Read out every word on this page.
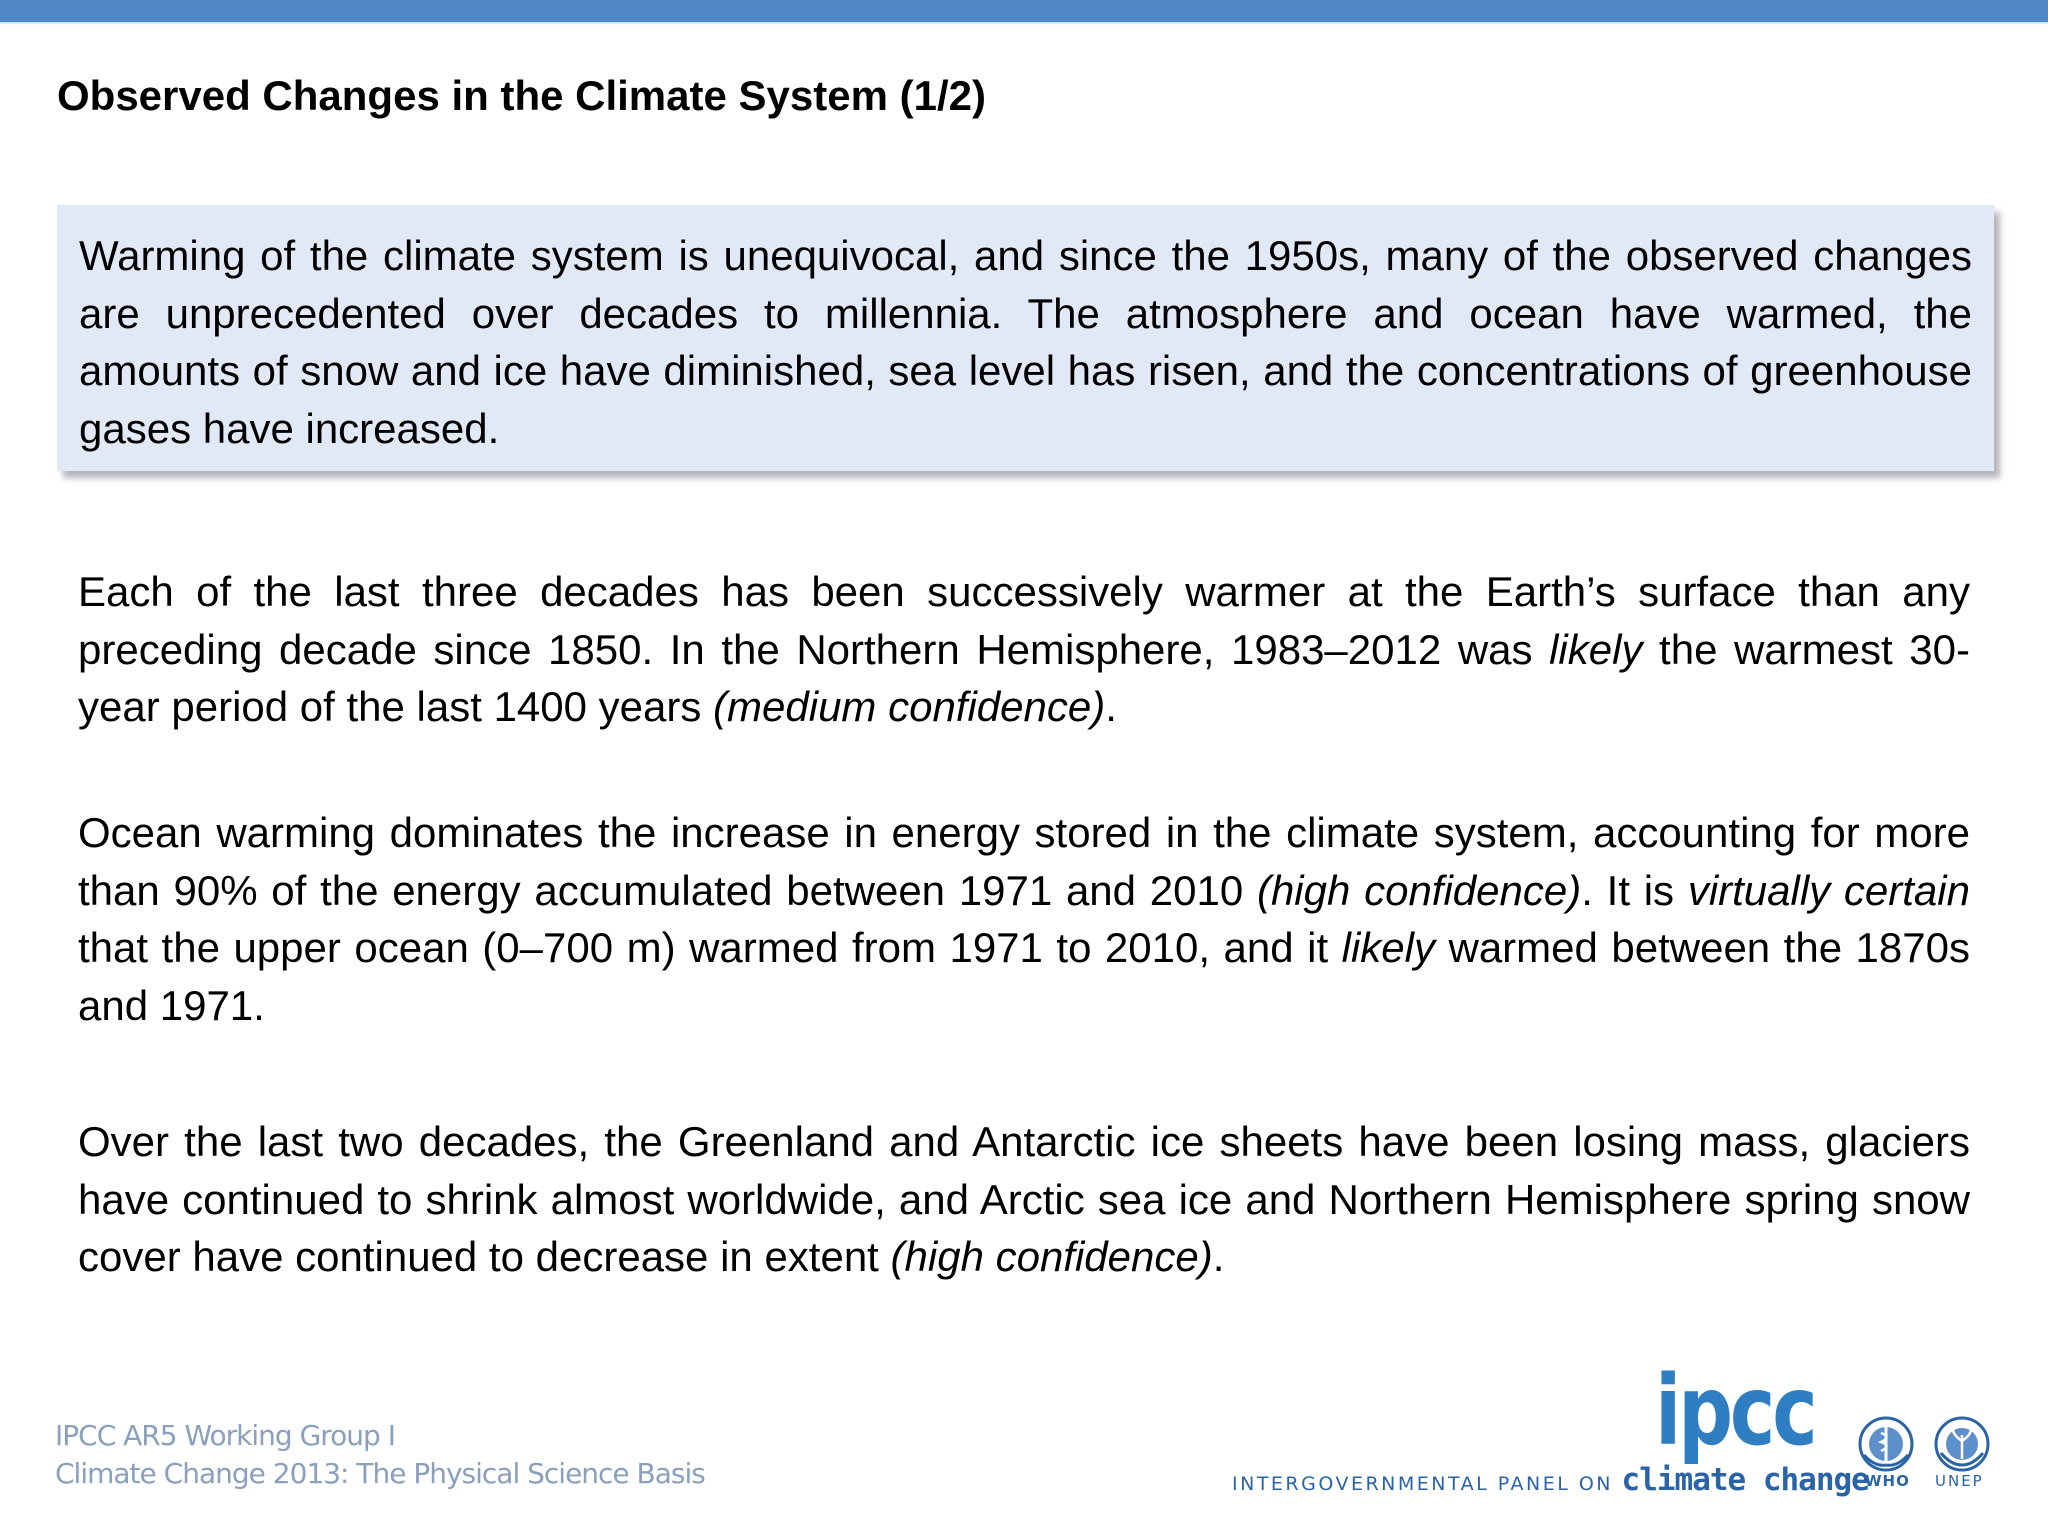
Observed Changes in the Climate System (1/2)

Warming of the climate system is unequivocal, and since the 1950s, many of the observed changes are unprecedented over decades to millennia. The atmosphere and ocean have warmed, the amounts of snow and ice have diminished, sea level has risen, and the concentrations of greenhouse gases have increased.

Each of the last three decades has been successively warmer at the Earth’s surface than any preceding decade since 1850. In the Northern Hemisphere, 1983–2012 was likely the warmest 30-year period of the last 1400 years (medium confidence).

Ocean warming dominates the increase in energy stored in the climate system, accounting for more than 90% of the energy accumulated between 1971 and 2010 (high confidence). It is virtually certain that the upper ocean (0–700 m) warmed from 1971 to 2010, and it likely warmed between the 1870s and 1971.

Over the last two decades, the Greenland and Antarctic ice sheets have been losing mass, glaciers have continued to shrink almost worldwide, and Arctic sea ice and Northern Hemisphere spring snow cover have continued to decrease in extent (high confidence).

IPCC AR5 Working Group I
Climate Change 2013: The Physical Science Basis
ipcc
INTERGOVERNMENTAL PANEL ON climate change
WHO UNEP
